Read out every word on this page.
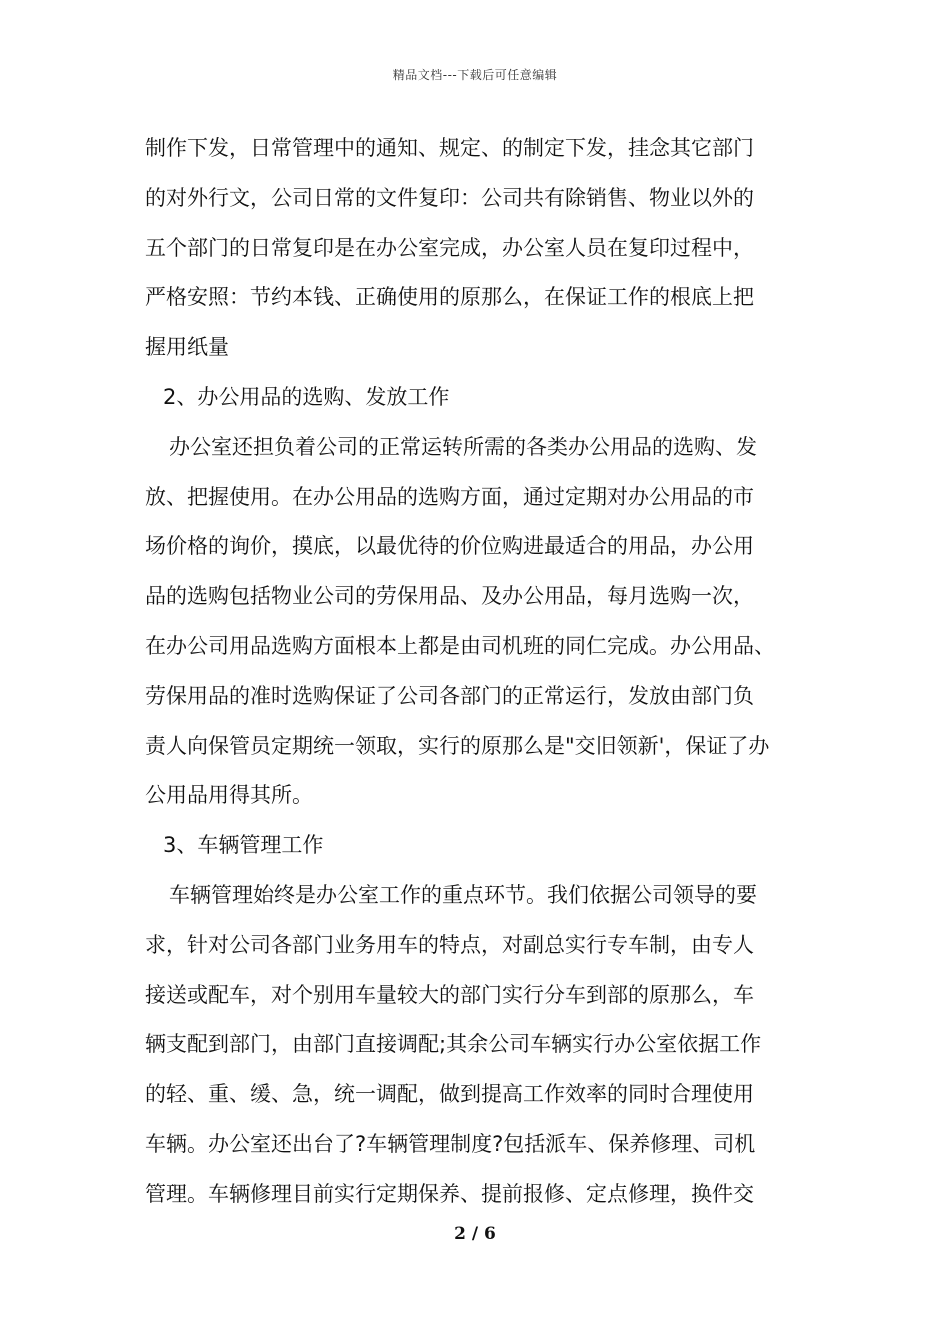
精品文档---下载后可任意编辑
制作下发，日常管理中的通知、规定、的制定下发，挂念其它部门
的对外行文，公司日常的文件复印：公司共有除销售、物业以外的
五个部门的日常复印是在办公室完成，办公室人员在复印过程中，
严格安照：节约本钱、正确使用的原那么，在保证工作的根底上把
握用纸量
2、办公用品的选购、发放工作
办公室还担负着公司的正常运转所需的各类办公用品的选购、发
放、把握使用。在办公用品的选购方面，通过定期对办公用品的市
场价格的询价，摸底，以最优待的价位购进最适合的用品，办公用
品的选购包括物业公司的劳保用品、及办公用品，每月选购一次，
在办公司用品选购方面根本上都是由司机班的同仁完成。办公用品、
劳保用品的准时选购保证了公司各部门的正常运行，发放由部门负
责人向保管员定期统一领取，实行的原那么是"交旧领新'，保证了办
公用品用得其所。
3、车辆管理工作
车辆管理始终是办公室工作的重点环节。我们依据公司领导的要
求，针对公司各部门业务用车的特点，对副总实行专车制，由专人
接送或配车，对个别用车量较大的部门实行分车到部的原那么，车
辆支配到部门，由部门直接调配;其余公司车辆实行办公室依据工作
的轻、重、缓、急，统一调配，做到提高工作效率的同时合理使用
车辆。办公室还出台了?车辆管理制度?包括派车、保养修理、司机
管理。车辆修理目前实行定期保养、提前报修、定点修理，换件交
2 / 6
